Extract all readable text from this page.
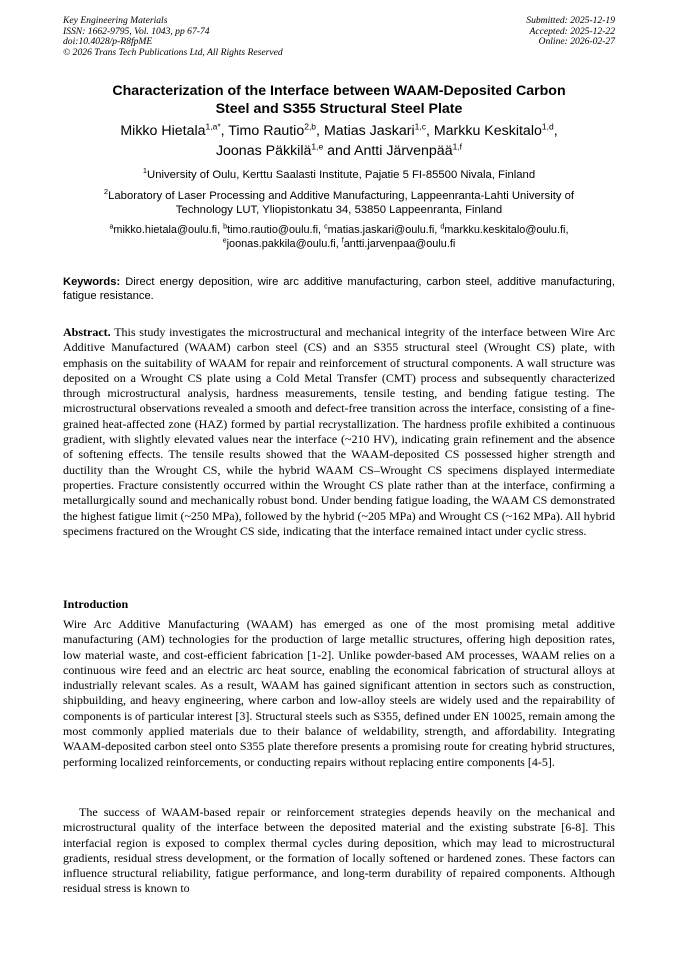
Key Engineering Materials
ISSN: 1662-9795, Vol. 1043, pp 67-74
doi:10.4028/p-R8fpME
© 2026 Trans Tech Publications Ltd, All Rights Reserved
Submitted: 2025-12-19
Accepted: 2025-12-22
Online: 2026-02-27
Characterization of the Interface between WAAM-Deposited Carbon
Steel and S355 Structural Steel Plate
Mikko Hietala$^{1,a*}$, Timo Rautio$^{2,b}$, Matias Jaskari$^{1,c}$, Markku Keskitalo$^{1,d}$,
Joonas Päkkilä$^{1,e}$ and Antti Järvenpää$^{1,f}$
$^1$University of Oulu, Kerttu Saalasti Institute, Pajatie 5 FI-85500 Nivala, Finland
$^2$Laboratory of Laser Processing and Additive Manufacturing, Lappeenranta-Lahti University of
Technology LUT, Yliopistonkatu 34, 53850 Lappeenranta, Finland
$^a$mikko.hietala@oulu.fi, $^b$timo.rautio@oulu.fi, $^c$matias.jaskari@oulu.fi, $^d$markku.keskitalo@oulu.fi,
$^e$joonas.pakkila@oulu.fi, $^f$antti.jarvenpaa@oulu.fi
Keywords: Direct energy deposition, wire arc additive manufacturing, carbon steel, additive manufacturing, fatigue resistance.
Abstract. This study investigates the microstructural and mechanical integrity of the interface between Wire Arc Additive Manufactured (WAAM) carbon steel (CS) and an S355 structural steel (Wrought CS) plate, with emphasis on the suitability of WAAM for repair and reinforcement of structural components. A wall structure was deposited on a Wrought CS plate using a Cold Metal Transfer (CMT) process and subsequently characterized through microstructural analysis, hardness measurements, tensile testing, and bending fatigue testing. The microstructural observations revealed a smooth and defect-free transition across the interface, consisting of a fine-grained heat-affected zone (HAZ) formed by partial recrystallization. The hardness profile exhibited a continuous gradient, with slightly elevated values near the interface (~210 HV), indicating grain refinement and the absence of softening effects. The tensile results showed that the WAAM-deposited CS possessed higher strength and ductility than the Wrought CS, while the hybrid WAAM CS–Wrought CS specimens displayed intermediate properties. Fracture consistently occurred within the Wrought CS plate rather than at the interface, confirming a metallurgically sound and mechanically robust bond. Under bending fatigue loading, the WAAM CS demonstrated the highest fatigue limit (~250 MPa), followed by the hybrid (~205 MPa) and Wrought CS (~162 MPa). All hybrid specimens fractured on the Wrought CS side, indicating that the interface remained intact under cyclic stress.
Introduction
Wire Arc Additive Manufacturing (WAAM) has emerged as one of the most promising metal additive manufacturing (AM) technologies for the production of large metallic structures, offering high deposition rates, low material waste, and cost-efficient fabrication [1-2]. Unlike powder-based AM processes, WAAM relies on a continuous wire feed and an electric arc heat source, enabling the economical fabrication of structural alloys at industrially relevant scales. As a result, WAAM has gained significant attention in sectors such as construction, shipbuilding, and heavy engineering, where carbon and low-alloy steels are widely used and the repairability of components is of particular interest [3]. Structural steels such as S355, defined under EN 10025, remain among the most commonly applied materials due to their balance of weldability, strength, and affordability. Integrating WAAM-deposited carbon steel onto S355 plate therefore presents a promising route for creating hybrid structures, performing localized reinforcements, or conducting repairs without replacing entire components [4-5].
The success of WAAM-based repair or reinforcement strategies depends heavily on the mechanical and microstructural quality of the interface between the deposited material and the existing substrate [6-8]. This interfacial region is exposed to complex thermal cycles during deposition, which may lead to microstructural gradients, residual stress development, or the formation of locally softened or hardened zones. These factors can influence structural reliability, fatigue performance, and long-term durability of repaired components. Although residual stress is known to
